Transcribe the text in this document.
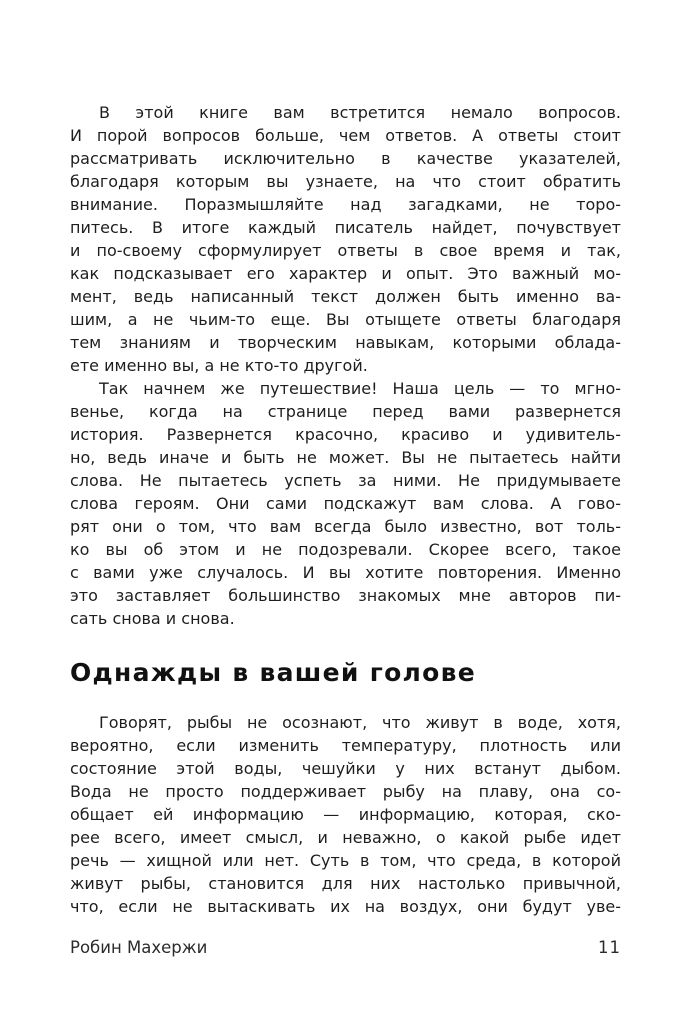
В этой книге вам встретится немало вопросов.
И порой вопросов больше, чем ответов. А ответы стоит
рассматривать исключительно в качестве указателей,
благодаря которым вы узнаете, на что стоит обратить
внимание. Поразмышляйте над загадками, не торо-
питесь. В итоге каждый писатель найдет, почувствует
и по-своему сформулирует ответы в свое время и так,
как подсказывает его характер и опыт. Это важный мо-
мент, ведь написанный текст должен быть именно ва-
шим, а не чьим-то еще. Вы отыщете ответы благодаря
тем знаниям и творческим навыкам, которыми облада-
ете именно вы, а не кто-то другой.
Так начнем же путешествие! Наша цель — то мгно-
венье, когда на странице перед вами развернется
история. Развернется красочно, красиво и удивитель-
но, ведь иначе и быть не может. Вы не пытаетесь найти
слова. Не пытаетесь успеть за ними. Не придумываете
слова героям. Они сами подскажут вам слова. А гово-
рят они о том, что вам всегда было известно, вот толь-
ко вы об этом и не подозревали. Скорее всего, такое
с вами уже случалось. И вы хотите повторения. Именно
это заставляет большинство знакомых мне авторов пи-
сать снова и снова.
Однажды в вашей голове
Говорят, рыбы не осознают, что живут в воде, хотя,
вероятно, если изменить температуру, плотность или
состояние этой воды, чешуйки у них встанут дыбом.
Вода не просто поддерживает рыбу на плаву, она со-
общает ей информацию — информацию, которая, ско-
рее всего, имеет смысл, и неважно, о какой рыбе идет
речь — хищной или нет. Суть в том, что среда, в которой
живут рыбы, становится для них настолько привычной,
что, если не вытаскивать их на воздух, они будут уве-
Робин Махержи	11
